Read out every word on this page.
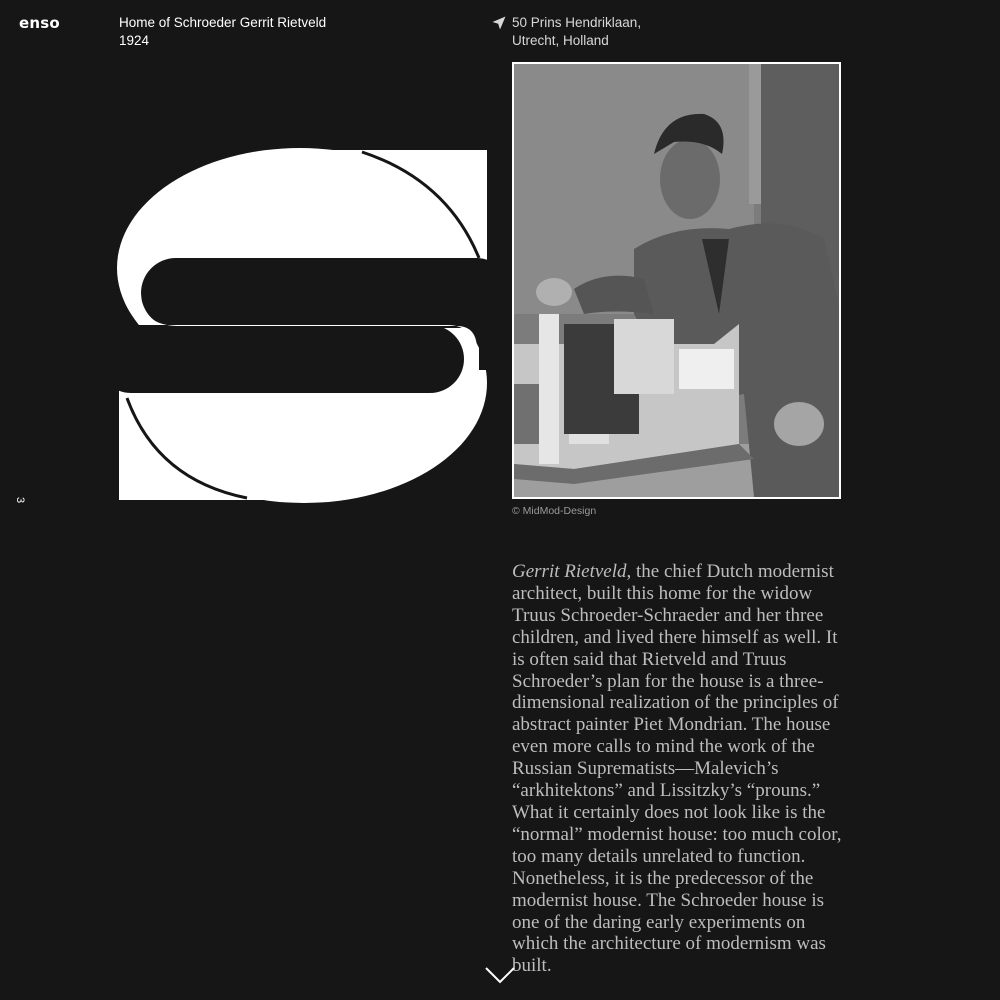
enso	Home of Schroeder Gerrit Rietveld
1924
50 Prins Hendriklaan,
Utrecht, Holland
© MidMod-Design
3
Gerrit Rietveld, the chief Dutch modernist architect, built this home for the widow Truus Schroeder-Schraeder and her three children, and lived there himself as well. It is often said that Rietveld and Truus Schroeder’s plan for the house is a three-dimensional realization of the principles of abstract painter Piet Mondrian. The house even more calls to mind the work of the Russian Suprematists—Malevich’s “arkhitektons” and Lissitzky’s “prouns.” What it certainly does not look like is the “normal” modernist house: too much color, too many details unrelated to function. Nonetheless, it is the predecessor of the modernist house. The Schroeder house is one of the daring early experiments on which the architecture of modernism was built.
